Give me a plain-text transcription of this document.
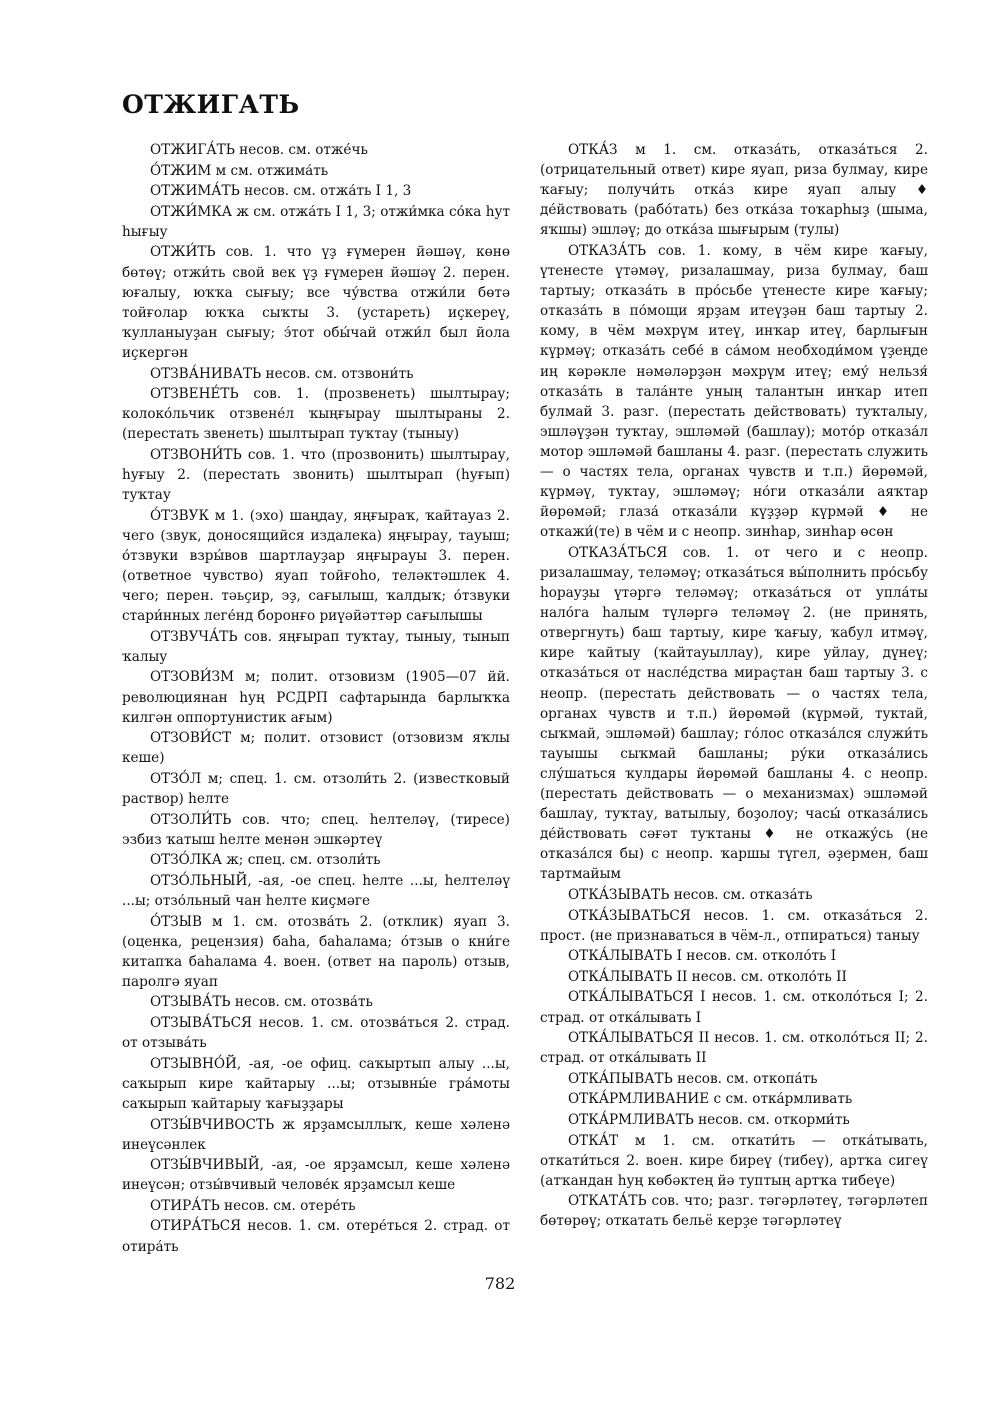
ОТЖИГАТЬ

ОТЖИГА́ТЬ несов. см. отже́чь

О́ТЖИМ м см. отжима́ть

ОТЖИМА́ТЬ несов. см. отжа́ть I 1, 3

ОТЖИ́МКА ж см. отжа́ть I 1, 3; отжи́мка со́ка һут һығыу

ОТЖИ́ТЬ сов. 1. что үҙ ғүмерен йәшәү, көнө бөтөү; отжи́ть свой век үҙ ғүмерен йәшәү 2. перен. юғалыу, юҡҡа сығыу; все чу́вства отжи́ли бөтә тойғолар юҡҡа сыҡты 3. (устареть) иҫкереү, ҡулланыуҙан сығыу; э́тот обы́чай отжи́л был йола иҫкергән

ОТЗВА́НИВАТЬ несов. см. отзвони́ть

ОТЗВЕНЕ́ТЬ сов. 1. (прозвенеть) шылтырау; колоко́льчик отзвене́л ҡыңғырау шылтыраны 2. (перестать звенеть) шылтырап туҡтау (тыныу)

ОТЗВОНИ́ТЬ сов. 1. что (прозвонить) шылтырау, һуғыу 2. (перестать звонить) шылтырап (һуғып) туҡтау

О́ТЗВУК м 1. (эхо) шаңдау, яңғыраҡ, ҡайтауаз 2. чего (звук, доносящийся издалека) яңғырау, тауыш; о́тзвуки взры́вов шартлауҙар яңғырауы 3. перен. (ответное чувство) яуап тойғоһо, теләктәшлек 4. чего; перен. тәьҫир, эҙ, сағылыш, ҡалдыҡ; о́тзвуки стари́нных леге́нд боронғо риүәйәттәр сағылышы

ОТЗВУЧА́ТЬ сов. яңғырап туҡтау, тыныу, тынып ҡалыу

ОТЗОВИ́ЗМ м; полит. отзовизм (1905—07 йй. революциянан һуң РСДРП сафтарында барлыҡҡа килгән оппортунистик ағым)

ОТЗОВИ́СТ м; полит. отзовист (отзовизм яҡлы кеше)

ОТЗО́Л м; спец. 1. см. отзоли́ть 2. (известковый раствор) һелте

ОТЗОЛИ́ТЬ сов. что; спец. һелтеләү, (тиресе) эзбиз ҡатыш һелте менән эшкәртеү

ОТЗО́ЛКА ж; спец. см. отзоли́ть

ОТЗО́ЛЬНЫЙ, -ая, -ое спец. һелте ...ы, һелтеләү ...ы; отзо́льный чан һелте киҫмәге

О́ТЗЫВ м 1. см. отозва́ть 2. (отклик) яуап 3. (оценка, рецензия) баһа, баһалама; о́тзыв о кни́ге китапҡа баһалама 4. воен. (ответ на пароль) отзыв, паролгә яуап

ОТЗЫВА́ТЬ несов. см. отозва́ть

ОТЗЫВА́ТЬСЯ несов. 1. см. отозва́ться 2. страд. от отзыва́ть

ОТЗЫВНО́Й, -ая, -ое офиц. саҡыртып алыу ...ы, саҡырып кире ҡайтарыу ...ы; отзывны́е гра́моты саҡырып ҡайтарыу ҡағыҙҙары

ОТЗЫ́ВЧИВОСТЬ ж ярҙамсыллыҡ, кеше хәленә инеүсәнлек

ОТЗЫ́ВЧИВЫЙ, -ая, -ое ярҙамсыл, кеше хәленә инеүсән; отзы́вчивый челове́к ярҙамсыл кеше

ОТИРА́ТЬ несов. см. отере́ть

ОТИРА́ТЬСЯ несов. 1. см. отере́ться 2. страд. от отира́ть

ОТКА́З м 1. см. отказа́ть, отказа́ться 2. (отрицательный ответ) кире яуап, риза булмау, кире ҡағыу; получи́ть отка́з кире яуап алыу ♦ де́йствовать (рабо́тать) без отка́за тоҡарһыҙ (шыма, яҡшы) эшләү; до отка́за шығырым (тулы)

ОТКАЗА́ТЬ сов. 1. кому, в чём кире ҡағыу, үтенесте үтәмәү, ризалашмау, риза булмау, баш тартыу; отказа́ть в про́сьбе үтенесте кире ҡағыу; отказа́ть в по́мощи ярҙам итеүҙән баш тартыу 2. кому, в чём мәхрүм итеү, инҡар итеү, барлығын күрмәү; отказа́ть себе́ в са́мом необходи́мом үҙеңде иң кәрәкле нәмәләрҙән мәхрүм итеү; ему́ нельзя́ отказа́ть в тала́нте уның талантын инҡар итеп булмай 3. разг. (перестать действовать) туҡталыу, эшләүҙән туҡтау, эшләмәй (башлау); мото́р отказа́л мотор эшләмәй башланы 4. разг. (перестать служить — о частях тела, органах чувств и т.п.) йөрөмәй, күрмәү, туктау, эшләмәү; но́ги отказа́ли аяҡтар йөрөмәй; глаза́ отказа́ли күҙҙәр күрмәй ♦ не откажи́(те) в чём и с неопр. зинһар, зинһар өсөн

ОТКАЗА́ТЬСЯ сов. 1. от чего и с неопр. ризалашмау, теләмәү; отказа́ться вы́полнить про́сьбу һорауҙы үтәргә теләмәү; отказа́ться от упла́ты нало́га һалым түләргә теләмәү 2. (не принять, отвергнуть) баш тартыу, кире ҡағыу, ҡабул итмәү, кире ҡайтыу (ҡайтауыллау), кире уйлау, дүнеү; отказа́ться от насле́дства мираҫтан баш тартыу 3. с неопр. (перестать действовать — о частях тела, органах чувств и т.п.) йөрөмәй (күрмәй, туктай, сыҡмай, эшләмәй) башлау; го́лос отказа́лся служи́ть тауышы сыҡмай башланы; ру́ки отказа́лись слу́шаться ҡулдары йөрөмәй башланы 4. с неопр. (перестать действовать — о механизмах) эшләмәй башлау, туҡтау, ватылыу, боҙолоу; часы́ отказа́лись де́йствовать сәғәт туҡтаны ♦ не откажу́сь (не отказа́лся бы) с неопр. ҡаршы түгел, әҙермен, баш тартмайым

ОТКА́ЗЫВАТЬ несов. см. отказа́ть

ОТКА́ЗЫВАТЬСЯ несов. 1. см. отказа́ться 2. прост. (не признаваться в чём-л., отпираться) таныу

ОТКА́ЛЫВАТЬ I несов. см. отколо́ть I

ОТКА́ЛЫВАТЬ II несов. см. отколо́ть II

ОТКА́ЛЫВАТЬСЯ I несов. 1. см. отколо́ться I; 2. страд. от отка́лывать I

ОТКА́ЛЫВАТЬСЯ II несов. 1. см. отколо́ться II; 2. страд. от отка́лывать II

ОТКА́ПЫВАТЬ несов. см. откопа́ть

ОТКА́РМЛИВАНИЕ с см. отка́рмливать

ОТКА́РМЛИВАТЬ несов. см. откорми́ть

ОТКА́Т м 1. см. откати́ть — отка́тывать, откати́ться 2. воен. кире биреү (тибеү), артҡа сигеү (атҡандан һуң көбәктең йә туптың артҡа тибеүе)

ОТКАТА́ТЬ сов. что; разг. тәгәрләтеү, тәгәрләтеп бөтөрөү; откатать бельё керҙе тәгәрләтеү

782
